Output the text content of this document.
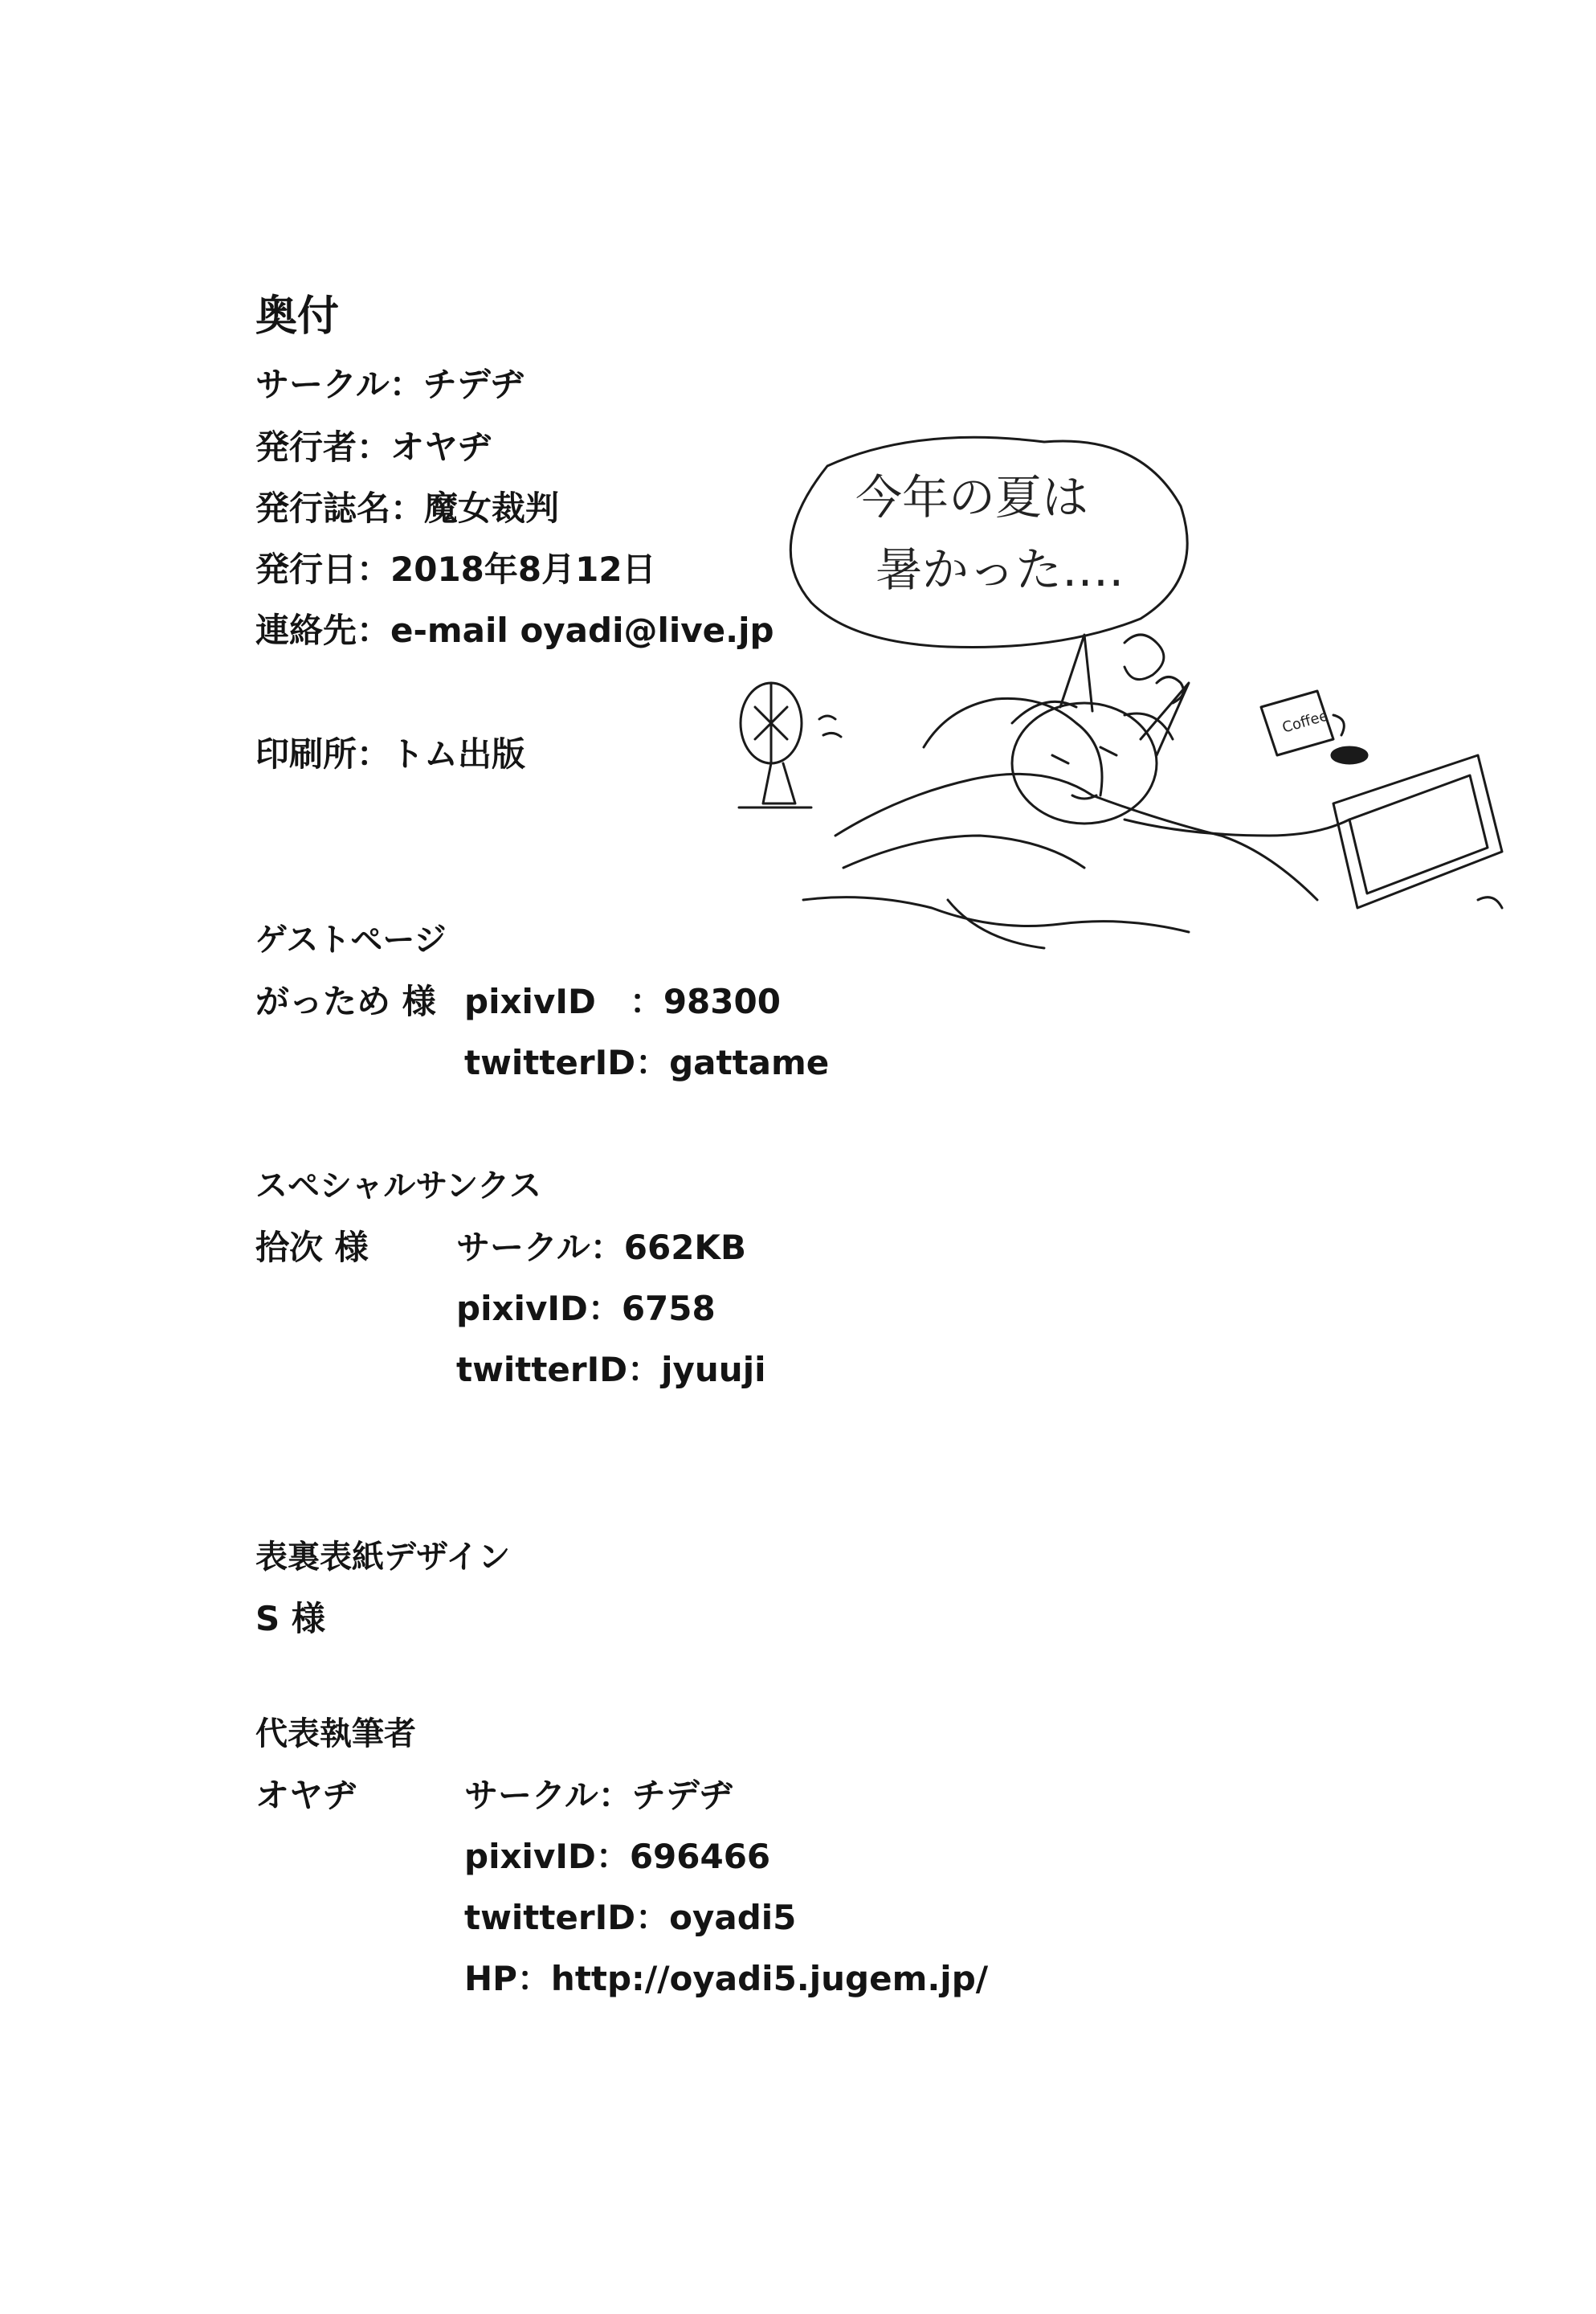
奥付
サークル：チデヂ
発行者：オヤヂ
発行誌名：魔女裁判
発行日：2018年8月12日
連絡先：e-mail oyadi@live.jp
印刷所：トム出版
ゲストページ
がっため 様 pixivID　：98300
twitterID：gattame
スペシャルサンクス
拾次 様	サークル：662KB
pixivID：6758
twitterID：jyuuji
表裏表紙デザイン
S 様
代表執筆者
オヤヂ	サークル：チデヂ
pixivID：696466
twitterID：oyadi5
HP：http://oyadi5.jugem.jp/
今年の夏は
暑かった‥‥
Coffee
